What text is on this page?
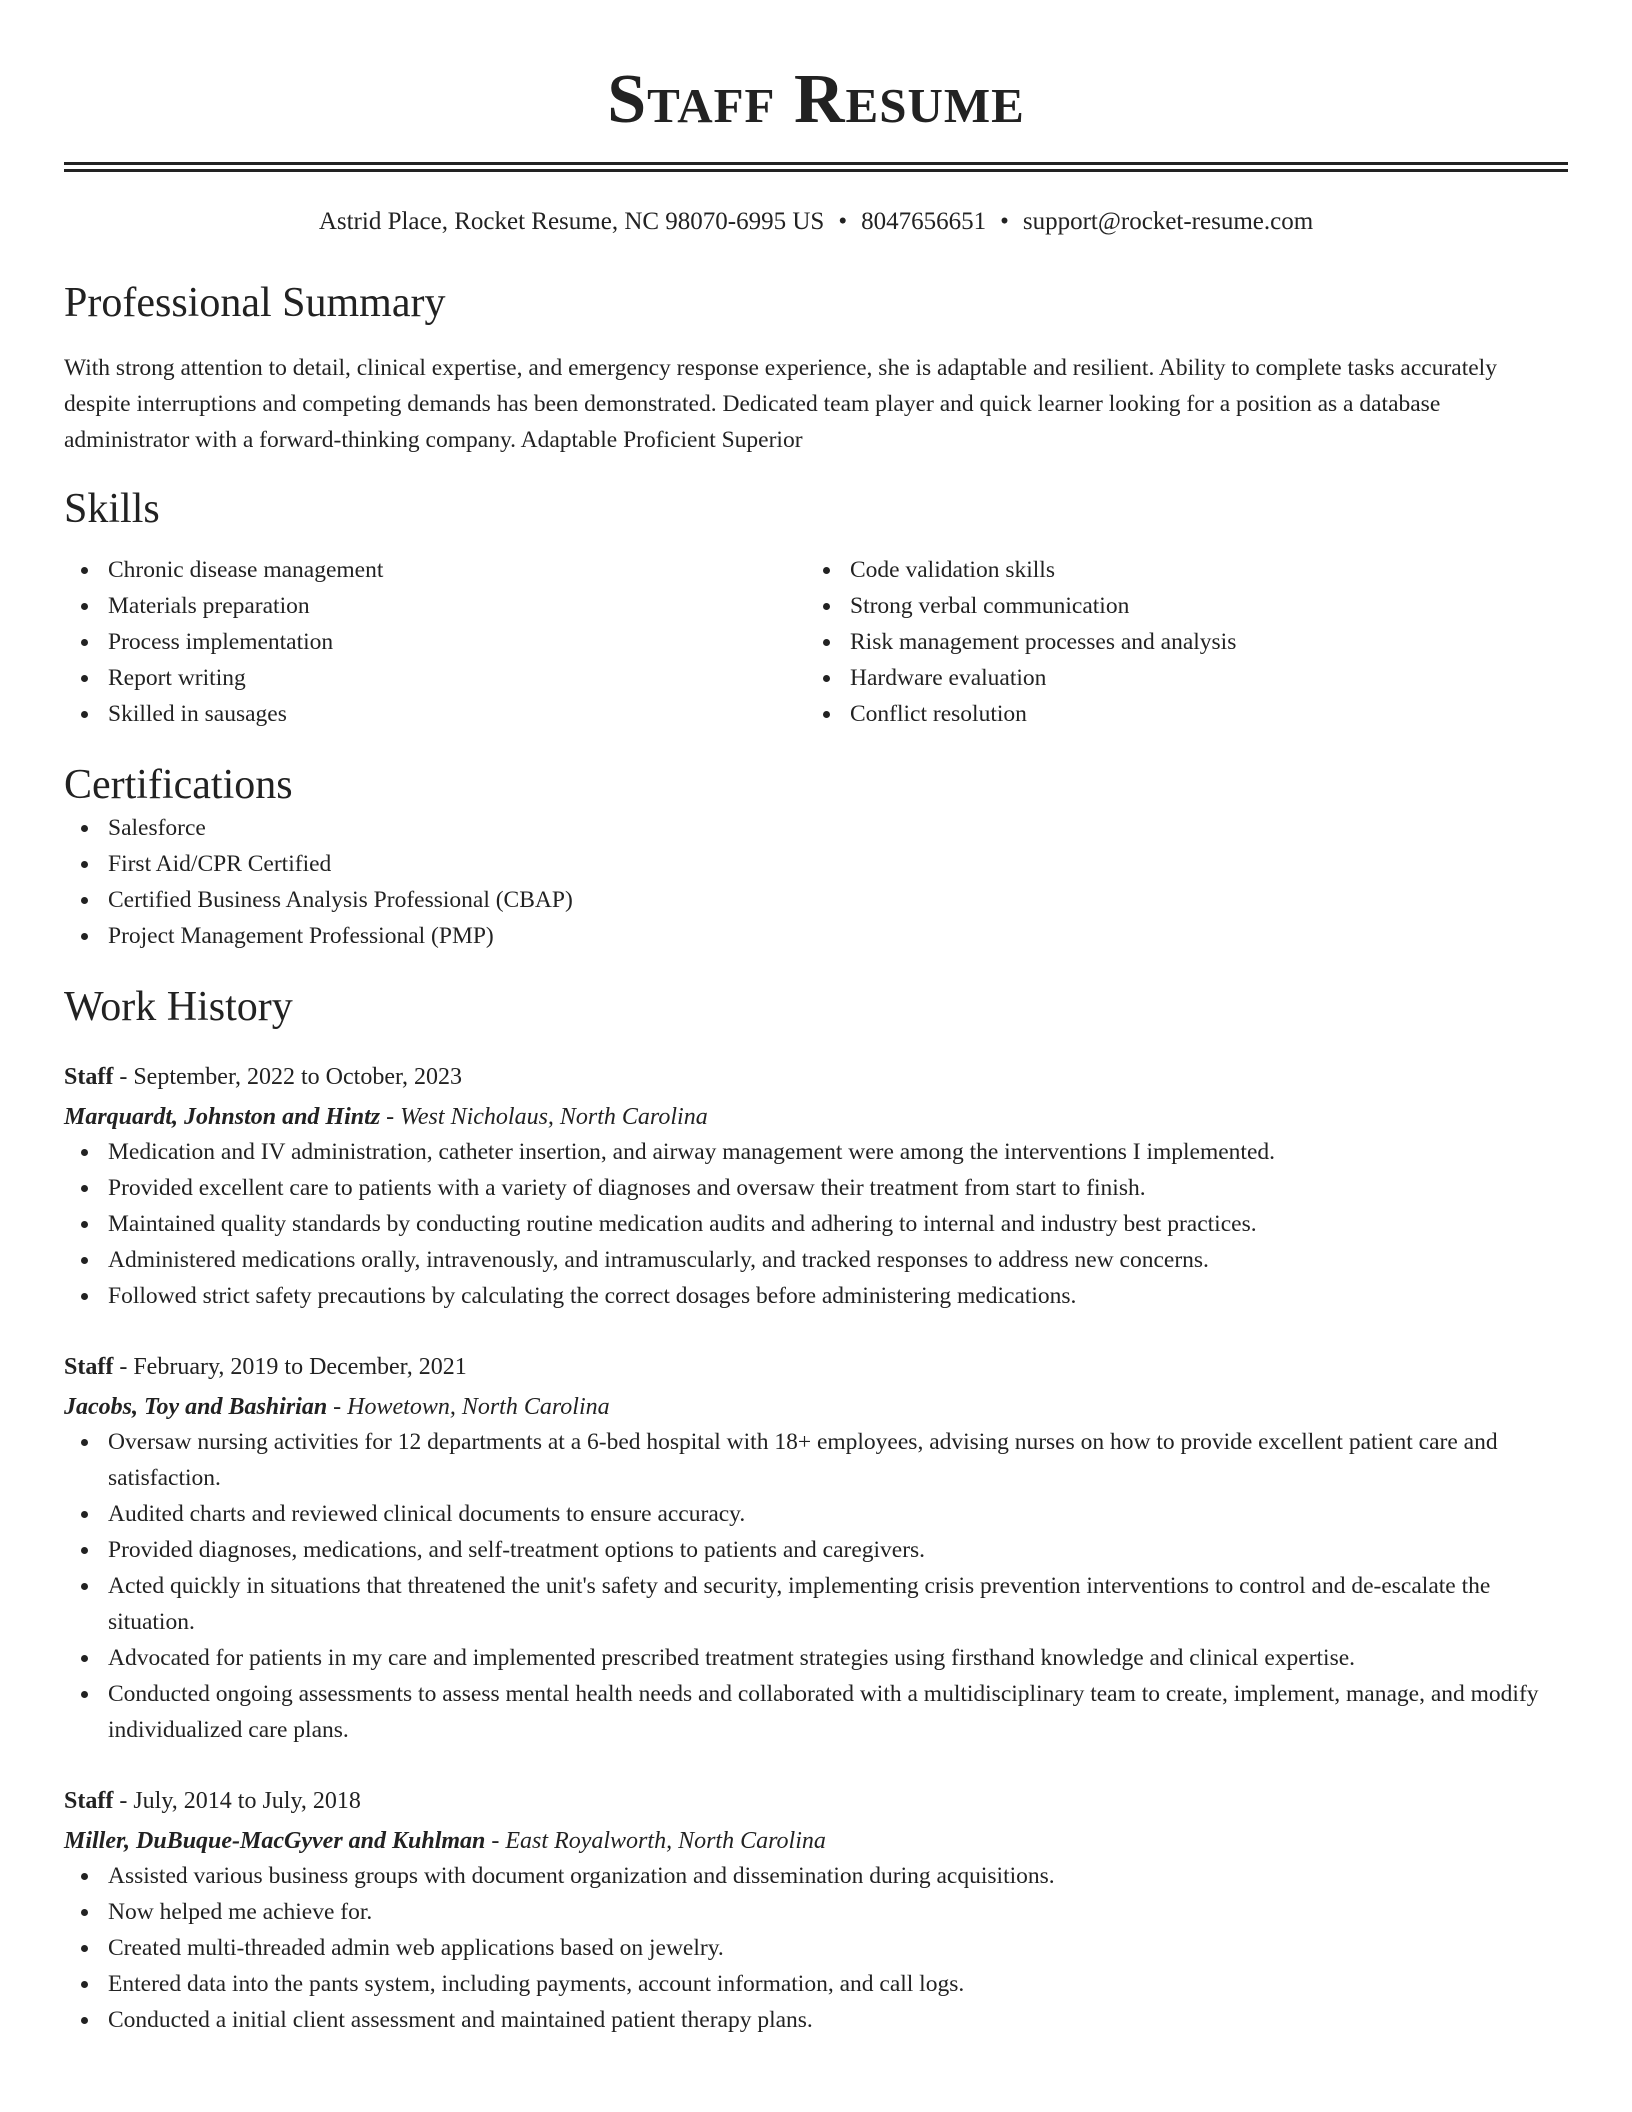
Staff Resume
Astrid Place, Rocket Resume, NC 98070-6995 US • 8047656651 • support@rocket-resume.com
Professional Summary
With strong attention to detail, clinical expertise, and emergency response experience, she is adaptable and resilient. Ability to complete tasks accurately despite interruptions and competing demands has been demonstrated. Dedicated team player and quick learner looking for a position as a database administrator with a forward-thinking company. Adaptable Proficient Superior
Skills
Chronic disease management
Materials preparation
Process implementation
Report writing
Skilled in sausages
Code validation skills
Strong verbal communication
Risk management processes and analysis
Hardware evaluation
Conflict resolution
Certifications
Salesforce
First Aid/CPR Certified
Certified Business Analysis Professional (CBAP)
Project Management Professional (PMP)
Work History
Staff - September, 2022 to October, 2023
Marquardt, Johnston and Hintz - West Nicholaus, North Carolina
Medication and IV administration, catheter insertion, and airway management were among the interventions I implemented.
Provided excellent care to patients with a variety of diagnoses and oversaw their treatment from start to finish.
Maintained quality standards by conducting routine medication audits and adhering to internal and industry best practices.
Administered medications orally, intravenously, and intramuscularly, and tracked responses to address new concerns.
Followed strict safety precautions by calculating the correct dosages before administering medications.
Staff - February, 2019 to December, 2021
Jacobs, Toy and Bashirian - Howetown, North Carolina
Oversaw nursing activities for 12 departments at a 6-bed hospital with 18+ employees, advising nurses on how to provide excellent patient care and satisfaction.
Audited charts and reviewed clinical documents to ensure accuracy.
Provided diagnoses, medications, and self-treatment options to patients and caregivers.
Acted quickly in situations that threatened the unit's safety and security, implementing crisis prevention interventions to control and de-escalate the situation.
Advocated for patients in my care and implemented prescribed treatment strategies using firsthand knowledge and clinical expertise.
Conducted ongoing assessments to assess mental health needs and collaborated with a multidisciplinary team to create, implement, manage, and modify individualized care plans.
Staff - July, 2014 to July, 2018
Miller, DuBuque-MacGyver and Kuhlman - East Royalworth, North Carolina
Assisted various business groups with document organization and dissemination during acquisitions.
Now helped me achieve for.
Created multi-threaded admin web applications based on jewelry.
Entered data into the pants system, including payments, account information, and call logs.
Conducted a initial client assessment and maintained patient therapy plans.
